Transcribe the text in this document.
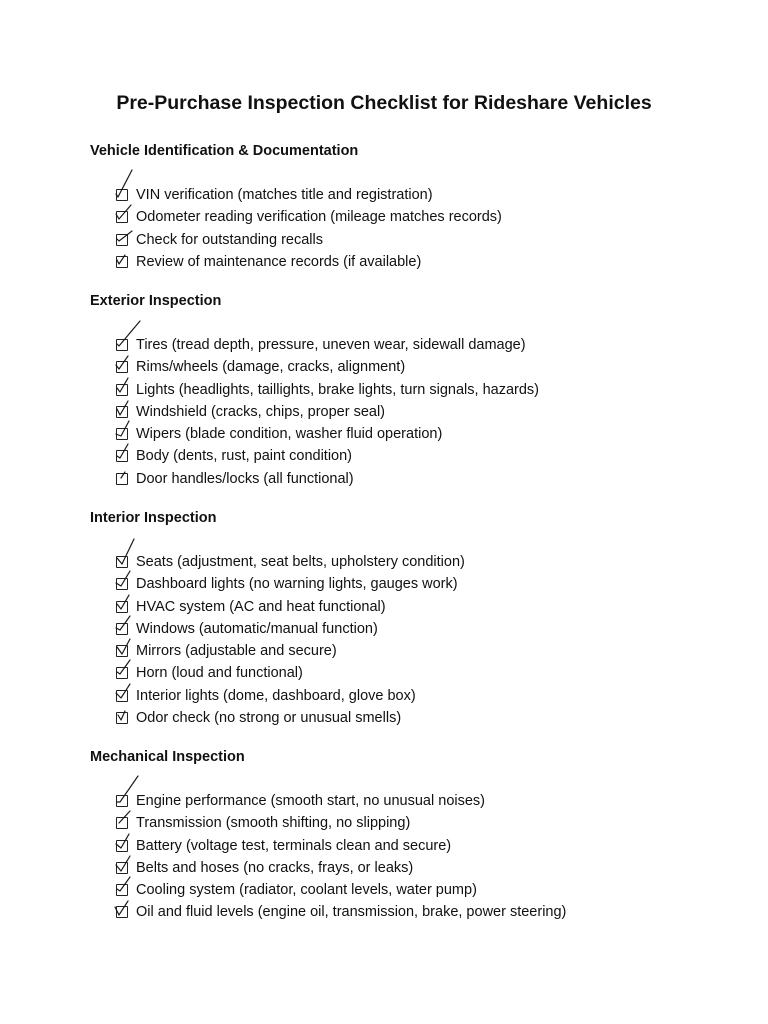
Pre-Purchase Inspection Checklist for Rideshare Vehicles
Vehicle Identification & Documentation
VIN verification (matches title and registration)
Odometer reading verification (mileage matches records)
Check for outstanding recalls
Review of maintenance records (if available)
Exterior Inspection
Tires (tread depth, pressure, uneven wear, sidewall damage)
Rims/wheels (damage, cracks, alignment)
Lights (headlights, taillights, brake lights, turn signals, hazards)
Windshield (cracks, chips, proper seal)
Wipers (blade condition, washer fluid operation)
Body (dents, rust, paint condition)
Door handles/locks (all functional)
Interior Inspection
Seats (adjustment, seat belts, upholstery condition)
Dashboard lights (no warning lights, gauges work)
HVAC system (AC and heat functional)
Windows (automatic/manual function)
Mirrors (adjustable and secure)
Horn (loud and functional)
Interior lights (dome, dashboard, glove box)
Odor check (no strong or unusual smells)
Mechanical Inspection
Engine performance (smooth start, no unusual noises)
Transmission (smooth shifting, no slipping)
Battery (voltage test, terminals clean and secure)
Belts and hoses (no cracks, frays, or leaks)
Cooling system (radiator, coolant levels, water pump)
Oil and fluid levels (engine oil, transmission, brake, power steering)
